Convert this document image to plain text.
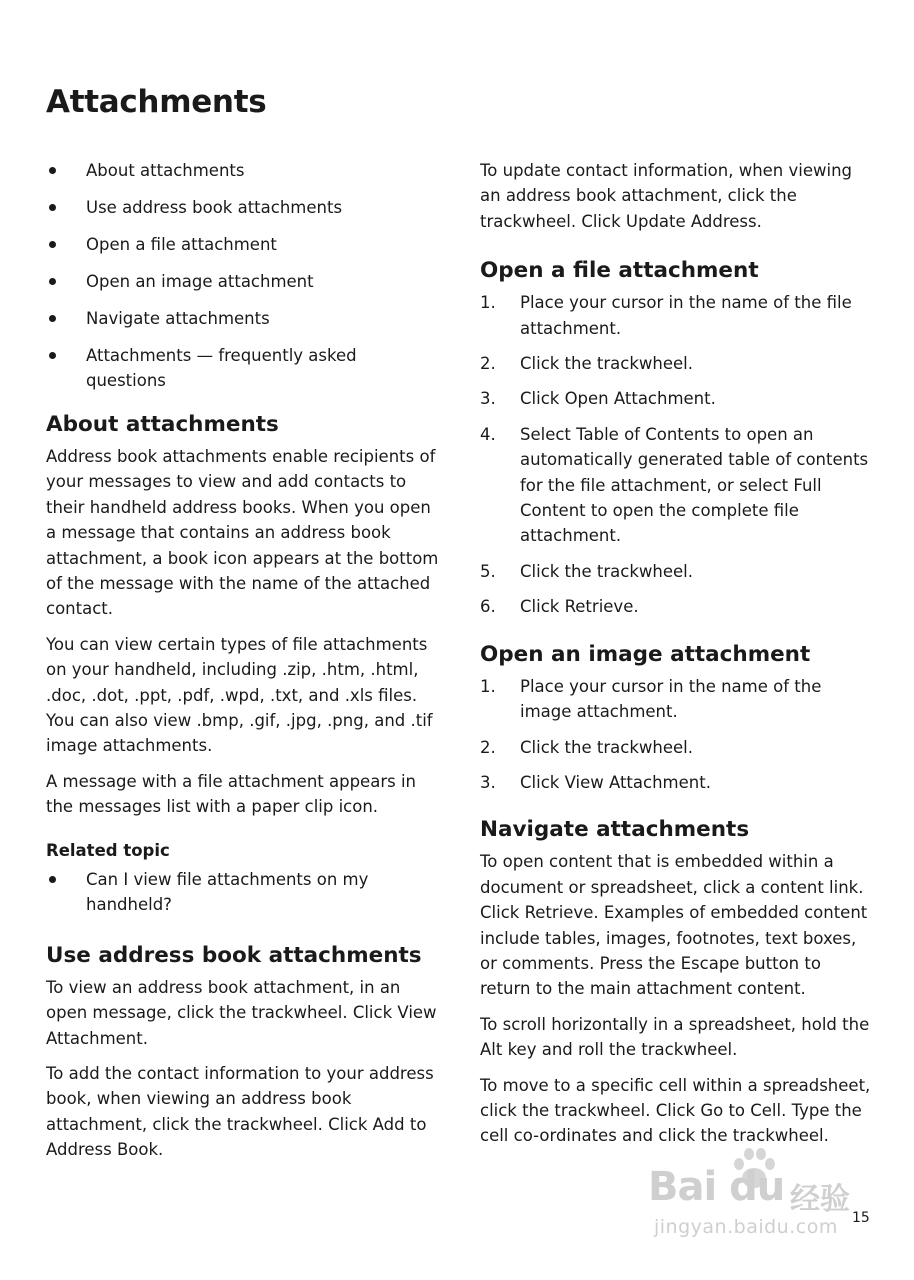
Attachments
About attachments
Use address book attachments
Open a file attachment
Open an image attachment
Navigate attachments
Attachments — frequently asked questions
About attachments

Address book attachments enable recipients of your messages to view and add contacts to their handheld address books. When you open a message that contains an address book attachment, a book icon appears at the bottom of the message with the name of the attached contact.

You can view certain types of file attachments on your handheld, including .zip, .htm, .html, .doc, .dot, .ppt, .pdf, .wpd, .txt, and .xls files. You can also view .bmp, .gif, .jpg, .png, and .tif image attachments.

A message with a file attachment appears in the messages list with a paper clip icon.

Related topic
Can I view file attachments on my handheld?
Use address book attachments

To view an address book attachment, in an open message, click the trackwheel. Click View Attachment.

To add the contact information to your address book, when viewing an address book attachment, click the trackwheel. Click Add to Address Book.

To update contact information, when viewing an address book attachment, click the trackwheel. Click Update Address.

Open a file attachment
1. Place your cursor in the name of the file attachment.
2. Click the trackwheel.
3. Click Open Attachment.
4. Select Table of Contents to open an automatically generated table of contents for the file attachment, or select Full Content to open the complete file attachment.
5. Click the trackwheel.
6. Click Retrieve.
Open an image attachment
1. Place your cursor in the name of the image attachment.
2. Click the trackwheel.
3. Click View Attachment.
Navigate attachments

To open content that is embedded within a document or spreadsheet, click a content link. Click Retrieve. Examples of embedded content include tables, images, footnotes, text boxes, or comments. Press the Escape button to return to the main attachment content.

To scroll horizontally in a spreadsheet, hold the Alt key and roll the trackwheel.

To move to a specific cell within a spreadsheet, click the trackwheel. Click Go to Cell. Type the cell co-ordinates and click the trackwheel.

Bai du 经验
jingyan.baidu.com 15
